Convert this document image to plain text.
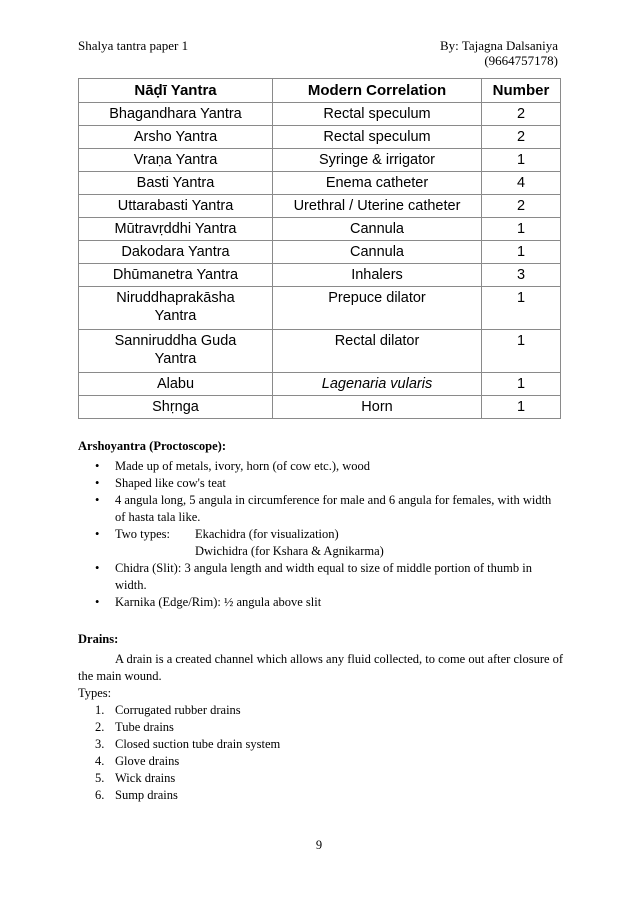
Shalya tantra paper 1	By: Tajagna Dalsaniya
(9664757178)
Nāḍī Yantra	Modern Correlation	Number
Bhagandhara Yantra	Rectal speculum	2
Arsho Yantra	Rectal speculum	2
Vraṇa Yantra	Syringe & irrigator	1
Basti Yantra	Enema catheter	4
Uttarabasti Yantra	Urethral / Uterine catheter	2
Mūtravṛddhi Yantra	Cannula	1
Dakodara Yantra	Cannula	1
Dhūmanetra Yantra	Inhalers	3

Niruddhaprakāsha
Yantra	Prepuce dilator	1

Sanniruddha Guda
Yantra	Rectal dilator	1
Alabu	Lagenaria vularis	1
Shṛnga	Horn	1
Arshoyantra (Proctoscope):
• Made up of metals, ivory, horn (of cow etc.), wood
• Shaped like cow's teat
• 4 angula long, 5 angula in circumference for male and 6 angula for females, with width of hasta tala like.
• Two types:	Ekachidra (for visualization)
Dwichidra (for Kshara & Agnikarma)
• Chidra (Slit): 3 angula length and width equal to size of middle portion of thumb in width.
• Karnika (Edge/Rim): ½ angula above slit
Drains:
A drain is a created channel which allows any fluid collected, to come out after closure of the main wound.
Types:
1. Corrugated rubber drains
2. Tube drains
3. Closed suction tube drain system
4. Glove drains
5. Wick drains
6. Sump drains
9
